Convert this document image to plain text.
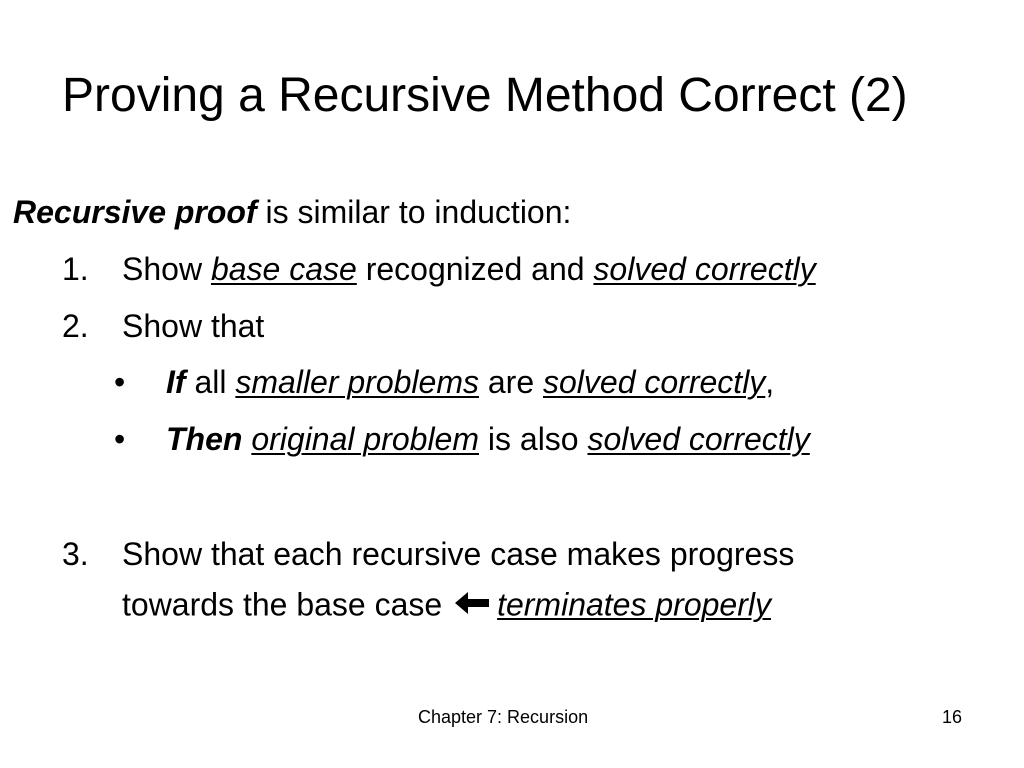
Proving a Recursive Method Correct (2)
Recursive proof is similar to induction:
1. Show base case recognized and solved correctly
2. Show that
• If all smaller problems are solved correctly,
• Then original problem is also solved correctly
3. Show that each recursive case makes progress
towards the base case terminates properly
Chapter 7: Recursion	16
